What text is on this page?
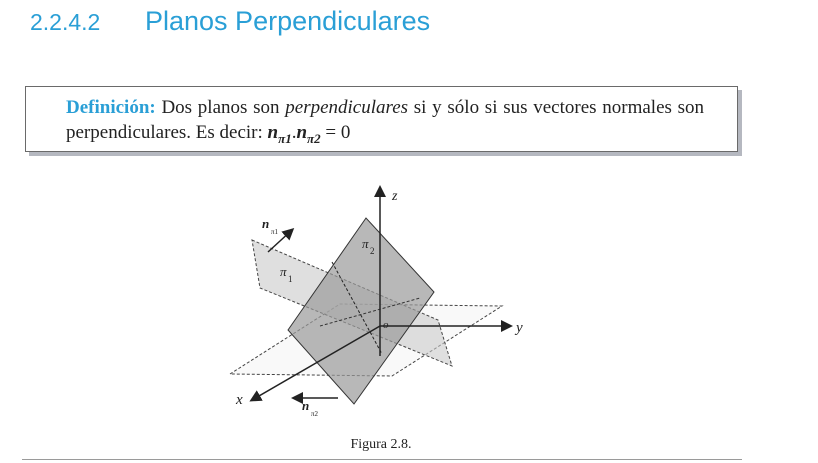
2.2.4.2	Planos Perpendiculares
Definición: Dos planos son perpendiculares si y sólo si sus vectores normales son perpendiculares. Es decir: $n_{\pi 1}.n_{\pi 2} = 0$
z
y
x
o
π 1
π 2
n
π1
n
π2
Figura 2.8.
